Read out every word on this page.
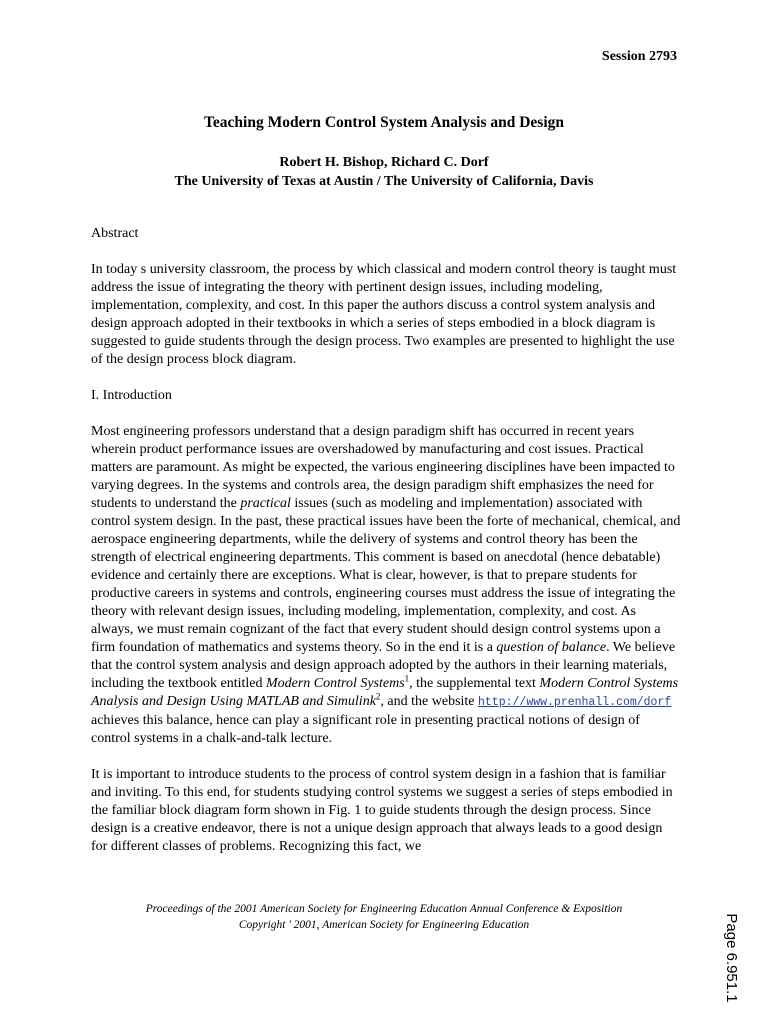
Session 2793
Teaching Modern Control System Analysis and Design
Robert H. Bishop, Richard C. Dorf
The University of Texas at Austin / The University of California, Davis

Abstract

In today s university classroom, the process by which classical and modern control theory is taught must address the issue of integrating the theory with pertinent design issues, including modeling, implementation, complexity, and cost. In this paper the authors discuss a control system analysis and design approach adopted in their textbooks in which a series of steps embodied in a block diagram is suggested to guide students through the design process. Two examples are presented to highlight the use of the design process block diagram.

I. Introduction

Most engineering professors understand that a design paradigm shift has occurred in recent years wherein product performance issues are overshadowed by manufacturing and cost issues. Practical matters are paramount. As might be expected, the various engineering disciplines have been impacted to varying degrees. In the systems and controls area, the design paradigm shift emphasizes the need for students to understand the practical issues (such as modeling and implementation) associated with control system design. In the past, these practical issues have been the forte of mechanical, chemical, and aerospace engineering departments, while the delivery of systems and control theory has been the strength of electrical engineering departments. This comment is based on anecdotal (hence debatable) evidence and certainly there are exceptions. What is clear, however, is that to prepare students for productive careers in systems and controls, engineering courses must address the issue of integrating the theory with relevant design issues, including modeling, implementation, complexity, and cost. As always, we must remain cognizant of the fact that every student should design control systems upon a firm foundation of mathematics and systems theory. So in the end it is a question of balance. We believe that the control system analysis and design approach adopted by the authors in their learning materials, including the textbook entitled Modern Control Systems$^1$, the supplemental text Modern Control Systems Analysis and Design Using MATLAB and Simulink$^2$, and the website http://www.prenhall.com/dorf achieves this balance, hence can play a significant role in presenting practical notions of design of control systems in a chalk-and-talk lecture.

It is important to introduce students to the process of control system design in a fashion that is familiar and inviting. To this end, for students studying control systems we suggest a series of steps embodied in the familiar block diagram form shown in Fig. 1 to guide students through the design process. Since design is a creative endeavor, there is not a unique design approach that always leads to a good design for different classes of problems. Recognizing this fact, we

Proceedings of the 2001 American Society for Engineering Education Annual Conference & Exposition
Copyright ' 2001, American Society for Engineering Education	Page 6.951.1
